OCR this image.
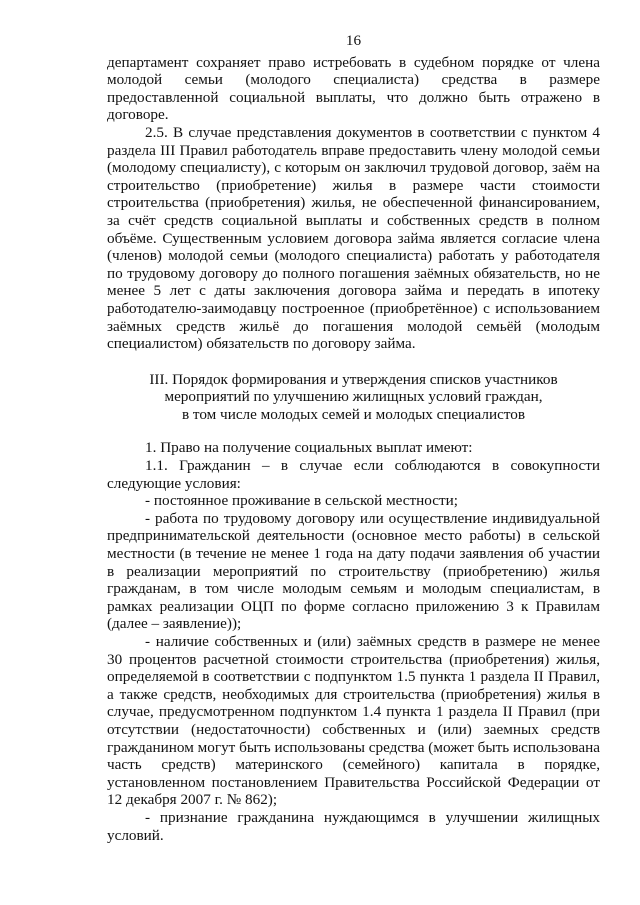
16

департамент сохраняет право истребовать в судебном порядке от члена молодой семьи (молодого специалиста) средства в размере предоставленной социальной выплаты, что должно быть отражено в договоре.

2.5. В случае представления документов в соответствии с пунктом 4 раздела III Правил работодатель вправе предоставить члену молодой семьи (молодому специалисту), с которым он заключил трудовой договор, заём на строительство (приобретение) жилья в размере части стоимости строительства (приобретения) жилья, не обеспеченной финансированием, за счёт средств социальной выплаты и собственных средств в полном объёме. Существенным условием договора займа является согласие члена (членов) молодой семьи (молодого специалиста) работать у работодателя по трудовому договору до полного погашения заёмных обязательств, но не менее 5 лет с даты заключения договора займа и передать в ипотеку работодателю-заимодавцу построенное (приобретённое) с использованием заёмных средств жильё до погашения молодой семьёй (молодым специалистом) обязательств по договору займа.

III. Порядок формирования и утверждения списков участников
мероприятий по улучшению жилищных условий граждан,
в том числе молодых семей и молодых специалистов

1. Право на получение социальных выплат имеют:

1.1. Гражданин – в случае если соблюдаются в совокупности следующие условия:

- постоянное проживание в сельской местности;

- работа по трудовому договору или осуществление индивидуальной предпринимательской деятельности (основное место работы) в сельской местности (в течение не менее 1 года на дату подачи заявления об участии в реализации мероприятий по строительству (приобретению) жилья гражданам, в том числе молодым семьям и молодым специалистам, в рамках реализации ОЦП по форме согласно приложению 3 к Правилам (далее – заявление));

- наличие собственных и (или) заёмных средств в размере не менее 30 процентов расчетной стоимости строительства (приобретения) жилья, определяемой в соответствии с подпунктом 1.5 пункта 1 раздела II Правил, а также средств, необходимых для строительства (приобретения) жилья в случае, предусмотренном подпунктом 1.4 пункта 1 раздела II Правил (при отсутствии (недостаточности) собственных и (или) заемных средств гражданином могут быть использованы средства (может быть использована часть средств) материнского (семейного) капитала в порядке, установленном постановлением Правительства Российской Федерации от 12 декабря 2007 г. № 862);

- признание гражданина нуждающимся в улучшении жилищных условий.
